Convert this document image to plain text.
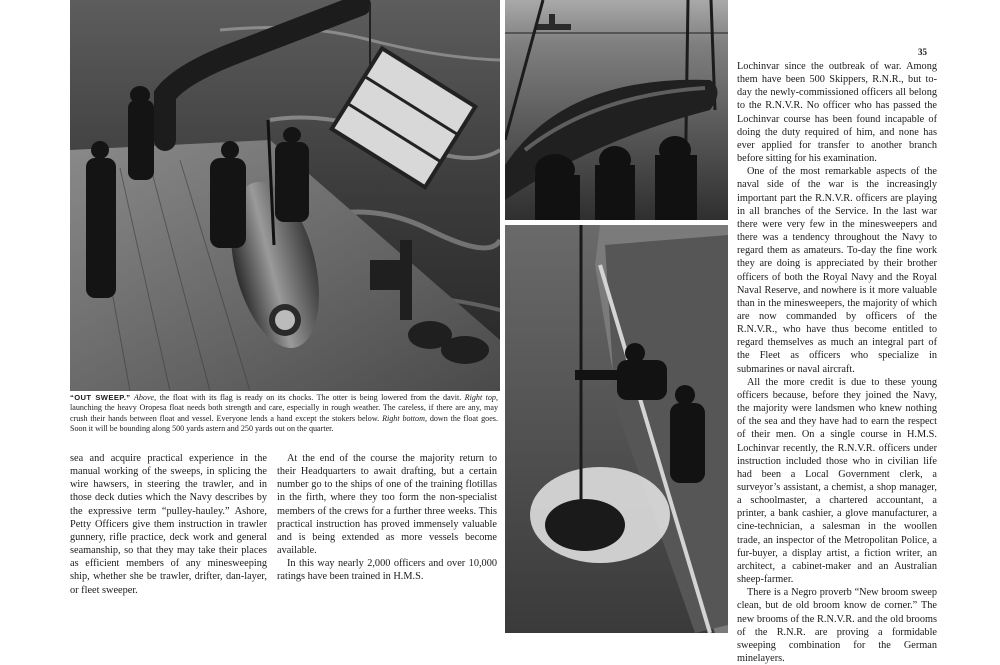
35
“OUT SWEEP.” Above, the float with its flag is ready on its chocks. The otter is being lowered from the davit. Right top, launching the heavy Oropesa float needs both strength and care, especially in rough weather. The careless, if there are any, may crush their hands between float and vessel. Everyone lends a hand except the stokers below. Right bottom, down the float goes. Soon it will be bounding along 500 yards astern and 250 yards out on the quarter.

sea and acquire practical experience in the manual working of the sweeps, in splicing the wire hawsers, in steering the trawler, and in those deck duties which the Navy describes by the expressive term “pulley-hauley.” Ashore, Petty Officers give them instruction in trawler gunnery, rifle practice, deck work and general seamanship, so that they may take their places as efficient members of any minesweeping ship, whether she be trawler, drifter, dan-layer, or fleet sweeper.

At the end of the course the majority return to their Headquarters to await drafting, but a certain number go to the ships of one of the training flotillas in the firth, where they too form the non-specialist members of the crews for a further three weeks. This practical instruction has proved immensely valuable and is being extended as more vessels become available.

In this way nearly 2,000 officers and over 10,000 ratings have been trained in H.M.S.

Lochinvar since the outbreak of war. Among them have been 500 Skippers, R.N.R., but to-day the newly-commissioned officers all belong to the R.N.V.R. No officer who has passed the Lochinvar course has been found incapable of doing the duty required of him, and none has ever applied for transfer to another branch before sitting for his examination.

One of the most remarkable aspects of the naval side of the war is the increasingly important part the R.N.V.R. officers are playing in all branches of the Service. In the last war there were very few in the minesweepers and there was a tendency throughout the Navy to regard them as amateurs. To-day the fine work they are doing is appreciated by their brother officers of both the Royal Navy and the Royal Naval Reserve, and nowhere is it more valuable than in the minesweepers, the majority of which are now commanded by officers of the R.N.V.R., who have thus become entitled to regard themselves as much an integral part of the Fleet as officers who specialize in submarines or naval aircraft.

All the more credit is due to these young officers because, before they joined the Navy, the majority were landsmen who knew nothing of the sea and they have had to earn the respect of their men. On a single course in H.M.S. Lochinvar recently, the R.N.V.R. officers under instruction included those who in civilian life had been a Local Government clerk, a surveyor’s assistant, a chemist, a shop manager, a schoolmaster, a chartered accountant, a printer, a bank cashier, a glove manufacturer, a cine-technician, a salesman in the woollen trade, an inspector of the Metropolitan Police, a fur-buyer, a display artist, a fiction writer, an architect, a cabinet-maker and an Australian sheep-farmer.

There is a Negro proverb “New broom sweep clean, but de old broom know de corner.” The new brooms of the R.N.V.R. and the old brooms of the R.N.R. are proving a formidable sweeping combination for the German minelayers.
